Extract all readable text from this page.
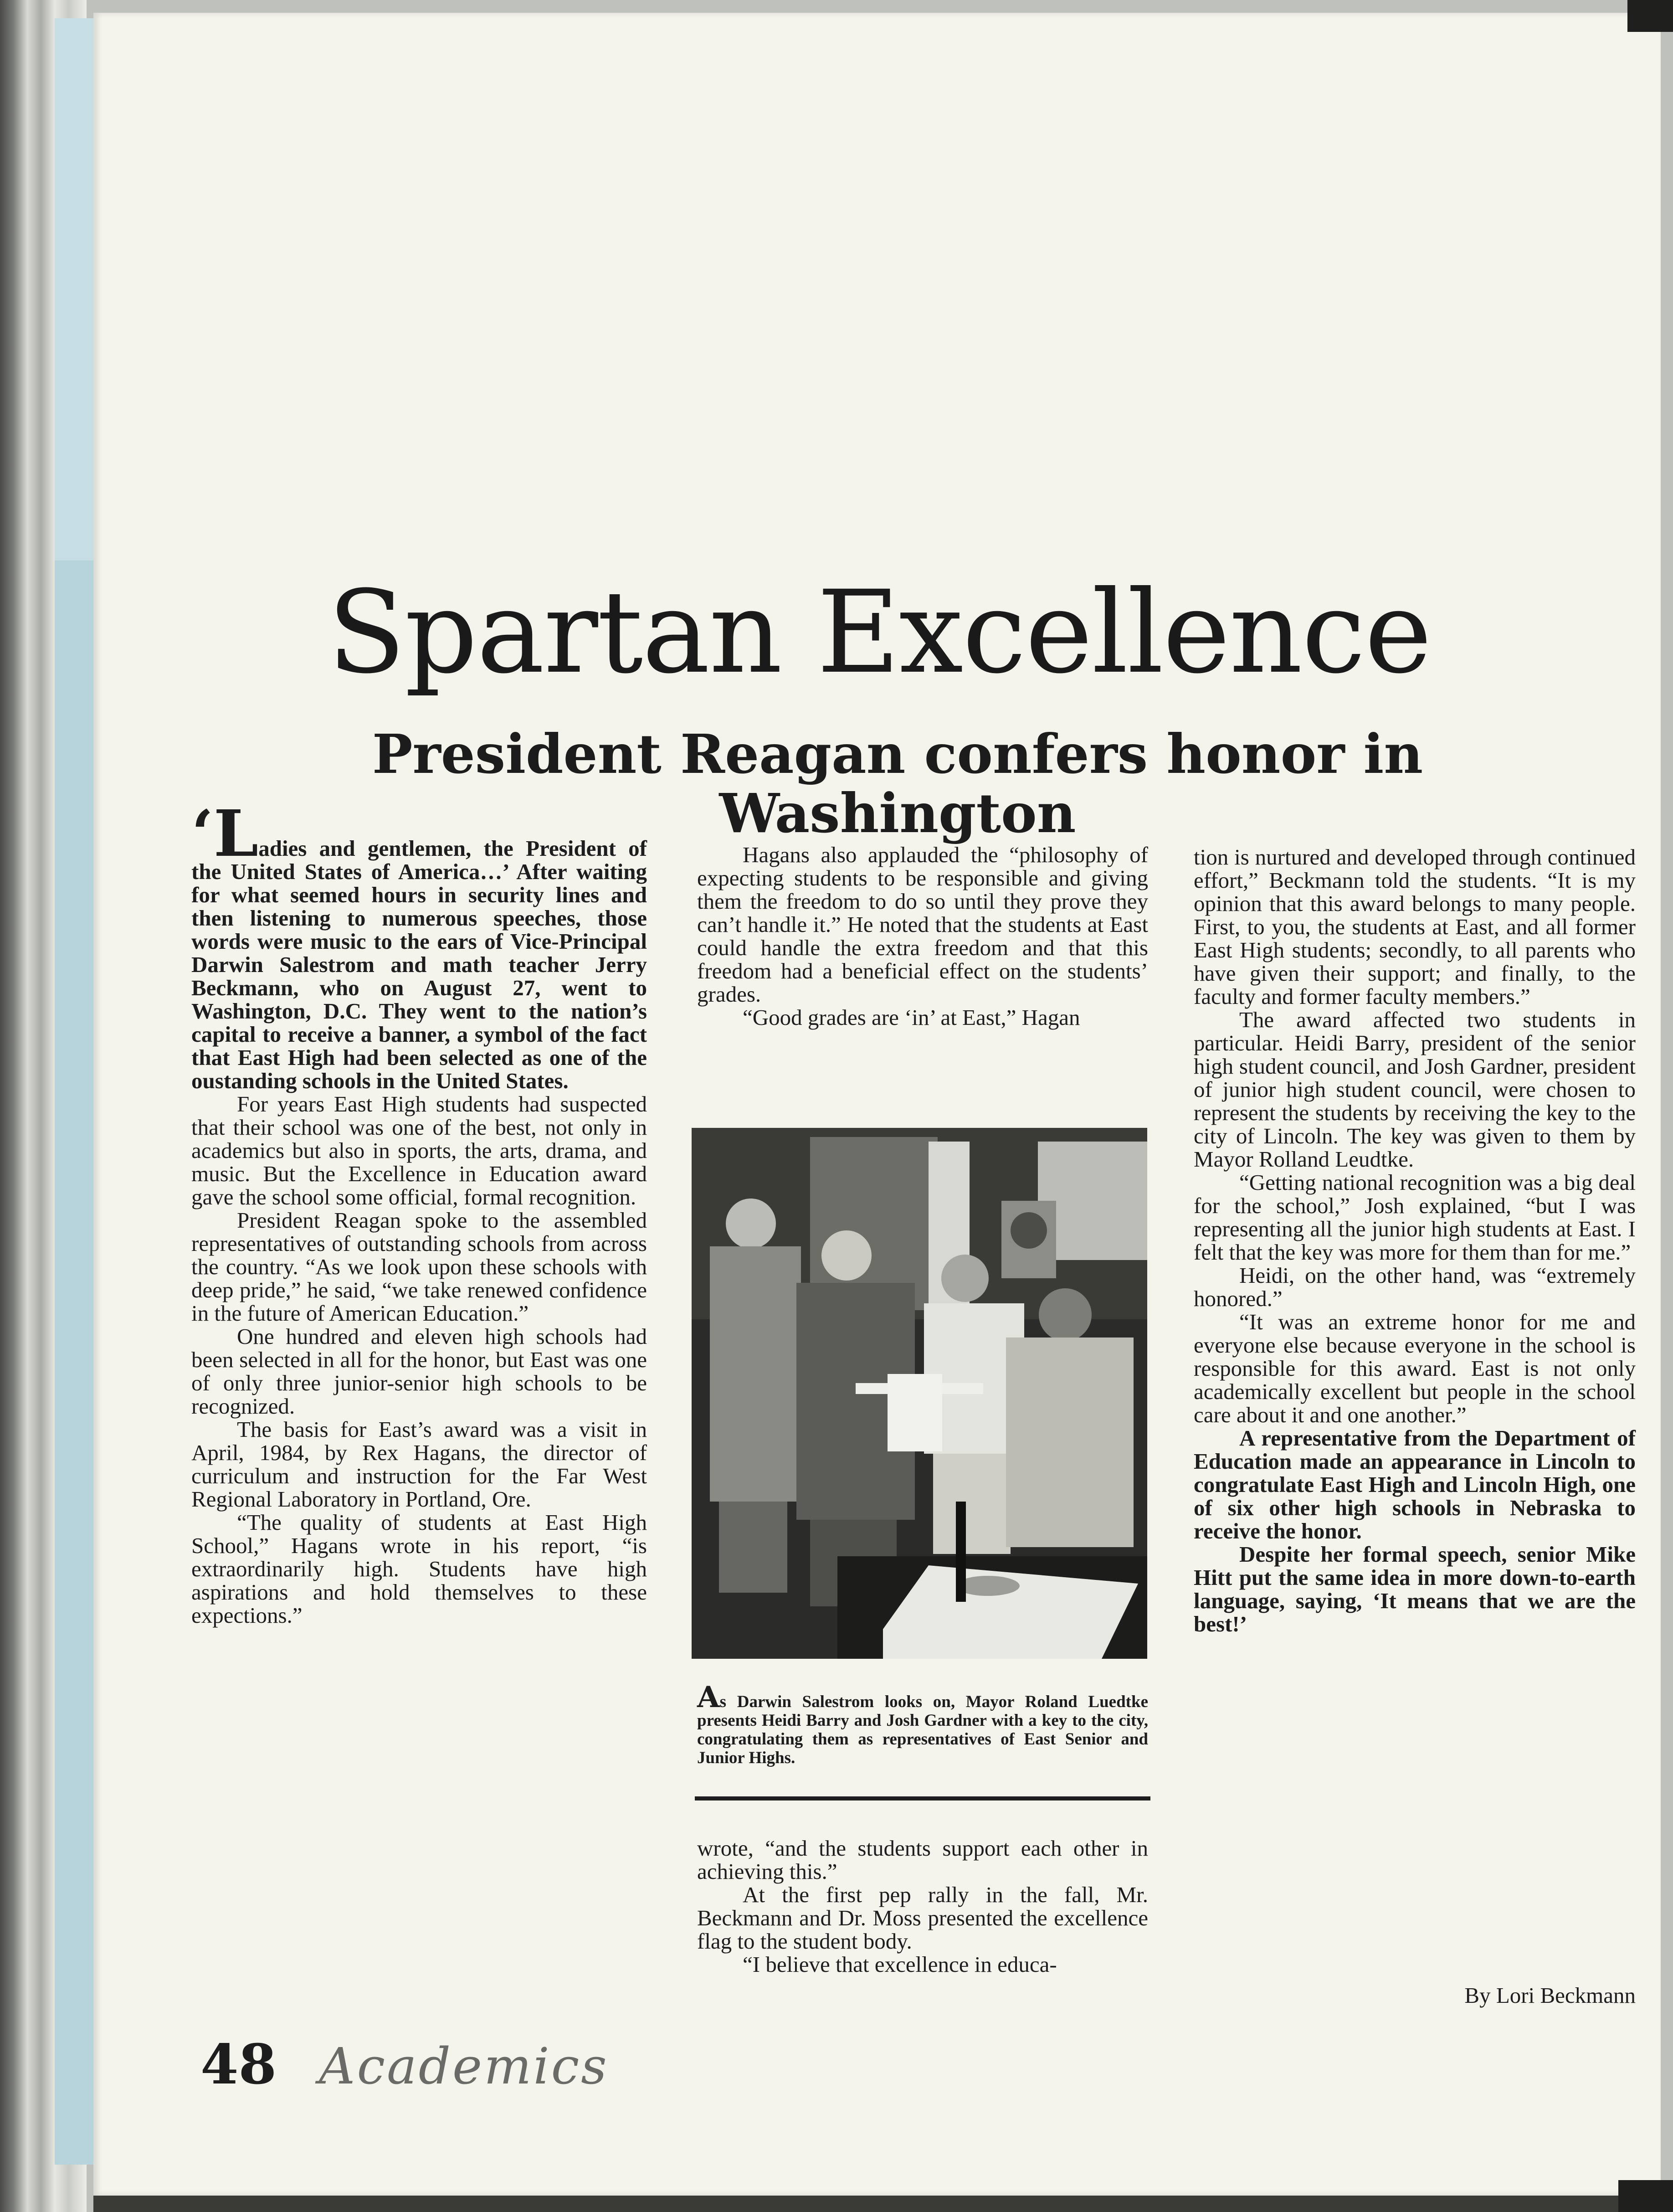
Spartan Excellence
President Reagan confers honor in Washington

‘Ladies and gentlemen, the President of the United States of America…’ After waiting for what seemed hours in security lines and then listening to numerous speeches, those words were music to the ears of Vice-Principal Darwin Salestrom and math teacher Jerry Beckmann, who on August 27, went to Washington, D.C. They went to the nation’s capital to receive a banner, a symbol of the fact that East High had been selected as one of the oustanding schools in the United States.

For years East High students had suspected that their school was one of the best, not only in academics but also in sports, the arts, drama, and music. But the Excellence in Education award gave the school some official, formal recognition.

President Reagan spoke to the assembled representatives of outstanding schools from across the country. “As we look upon these schools with deep pride,” he said, “we take renewed confidence in the future of American Education.”

One hundred and eleven high schools had been selected in all for the honor, but East was one of only three junior-senior high schools to be recognized.

The basis for East’s award was a visit in April, 1984, by Rex Hagans, the director of curriculum and instruction for the Far West Regional Laboratory in Portland, Ore.

“The quality of students at East High School,” Hagans wrote in his report, “is extraordinarily high. Students have high aspirations and hold themselves to these expections.”

Hagans also applauded the “philosophy of expecting students to be responsible and giving them the freedom to do so until they prove they can’t handle it.” He noted that the students at East could handle the extra freedom and that this freedom had a beneficial effect on the students’ grades.

“Good grades are ‘in’ at East,” Hagan

As Darwin Salestrom looks on, Mayor Roland Luedtke presents Heidi Barry and Josh Gardner with a key to the city, congratulating them as representatives of East Senior and Junior Highs.

wrote, “and the students support each other in achieving this.”

At the first pep rally in the fall, Mr. Beckmann and Dr. Moss presented the excellence flag to the student body.

“I believe that excellence in educa-

tion is nurtured and developed through continued effort,” Beckmann told the students. “It is my opinion that this award belongs to many people. First, to you, the students at East, and all former East High students; secondly, to all parents who have given their support; and finally, to the faculty and former faculty members.”

The award affected two students in particular. Heidi Barry, president of the senior high student council, and Josh Gardner, president of junior high student council, were chosen to represent the students by receiving the key to the city of Lincoln. The key was given to them by Mayor Rolland Leudtke.

“Getting national recognition was a big deal for the school,” Josh explained, “but I was representing all the junior high students at East. I felt that the key was more for them than for me.”

Heidi, on the other hand, was “extremely honored.”

“It was an extreme honor for me and everyone else because everyone in the school is responsible for this award. East is not only academically excellent but people in the school care about it and one another.”

A representative from the Department of Education made an appearance in Lincoln to congratulate East High and Lincoln High, one of six other high schools in Nebraska to receive the honor.

Despite her formal speech, senior Mike Hitt put the same idea in more down-to-earth language, saying, ‘It means that we are the best!’

By Lori Beckmann
48 Academics
